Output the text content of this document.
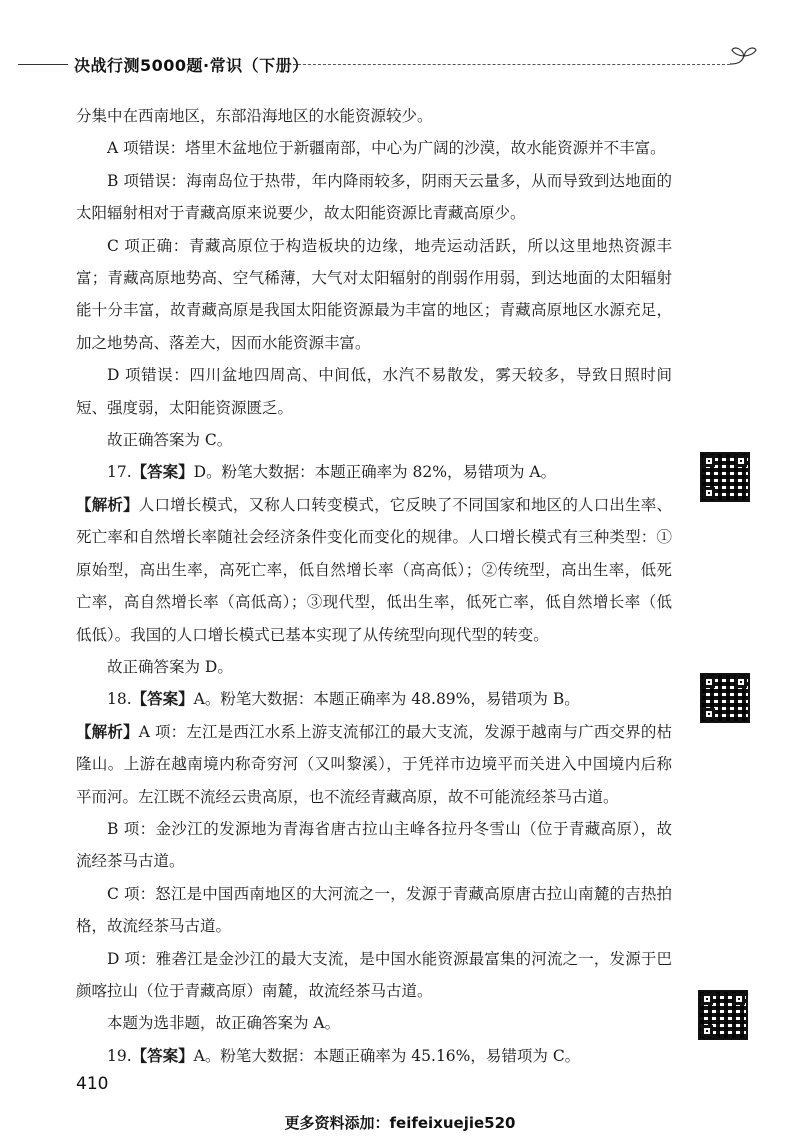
决战行测5000题·常识（下册）

分集中在西南地区，东部沿海地区的水能资源较少。

A 项错误：塔里木盆地位于新疆南部，中心为广阔的沙漠，故水能资源并不丰富。

B 项错误：海南岛位于热带，年内降雨较多，阴雨天云量多，从而导致到达地面的太阳辐射相对于青藏高原来说要少，故太阳能资源比青藏高原少。

C 项正确：青藏高原位于构造板块的边缘，地壳运动活跃，所以这里地热资源丰富；青藏高原地势高、空气稀薄，大气对太阳辐射的削弱作用弱，到达地面的太阳辐射能十分丰富，故青藏高原是我国太阳能资源最为丰富的地区；青藏高原地区水源充足，加之地势高、落差大，因而水能资源丰富。

D 项错误：四川盆地四周高、中间低，水汽不易散发，雾天较多，导致日照时间短、强度弱，太阳能资源匮乏。

故正确答案为 C。

17.【答案】D。粉笔大数据：本题正确率为 82%，易错项为 A。

【解析】人口增长模式，又称人口转变模式，它反映了不同国家和地区的人口出生率、死亡率和自然增长率随社会经济条件变化而变化的规律。人口增长模式有三种类型：①原始型，高出生率，高死亡率，低自然增长率（高高低）；②传统型，高出生率，低死亡率，高自然增长率（高低高）；③现代型，低出生率，低死亡率，低自然增长率（低低低）。我国的人口增长模式已基本实现了从传统型向现代型的转变。

故正确答案为 D。

18.【答案】A。粉笔大数据：本题正确率为 48.89%，易错项为 B。

【解析】A 项：左江是西江水系上游支流郁江的最大支流，发源于越南与广西交界的枯隆山。上游在越南境内称奇穷河（又叫黎溪），于凭祥市边境平而关进入中国境内后称平而河。左江既不流经云贵高原，也不流经青藏高原，故不可能流经茶马古道。

B 项：金沙江的发源地为青海省唐古拉山主峰各拉丹冬雪山（位于青藏高原），故流经茶马古道。

C 项：怒江是中国西南地区的大河流之一，发源于青藏高原唐古拉山南麓的吉热拍格，故流经茶马古道。

D 项：雅砻江是金沙江的最大支流，是中国水能资源最富集的河流之一，发源于巴颜喀拉山（位于青藏高原）南麓，故流经茶马古道。

本题为选非题，故正确答案为 A。

19.【答案】A。粉笔大数据：本题正确率为 45.16%，易错项为 C。

410
更多资料添加：feifeixuejie520
